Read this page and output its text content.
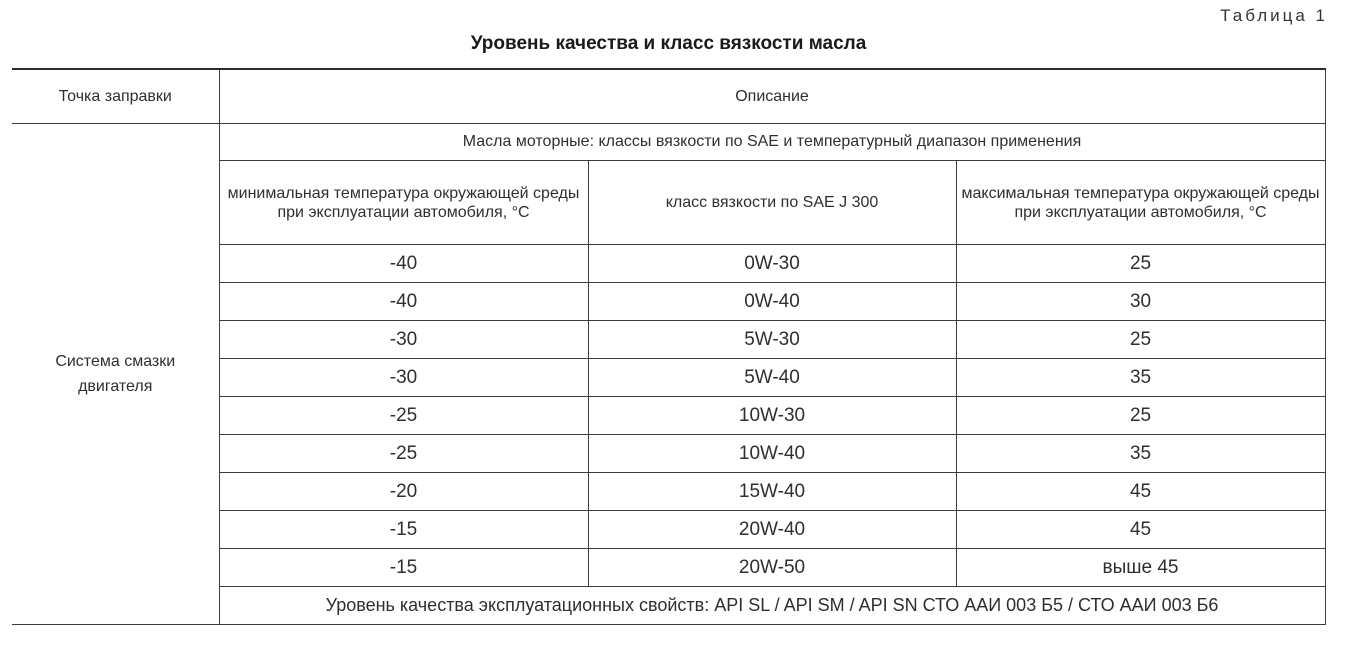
Таблица 1
Уровень качества и класс вязкости масла
Точка заправки	Описание		
Система смазки двигателя	Масла моторные: классы вязкости по SAE и температурный диапазон применения		
	минимальная температура окружающей среды при эксплуатации автомобиля, °C	класс вязкости по SAE J 300	максимальная температура окружающей среды при эксплуатации автомобиля, °C
	-40	0W-30	25
	-40	0W-40	30
	-30	5W-30	25
	-30	5W-40	35
	-25	10W-30	25
	-25	10W-40	35
	-20	15W-40	45
	-15	20W-40	45
	-15	20W-50	выше 45
	Уровень качества эксплуатационных свойств: API SL / API SM / API SN СТО ААИ 003 Б5 / СТО ААИ 003 Б6		
